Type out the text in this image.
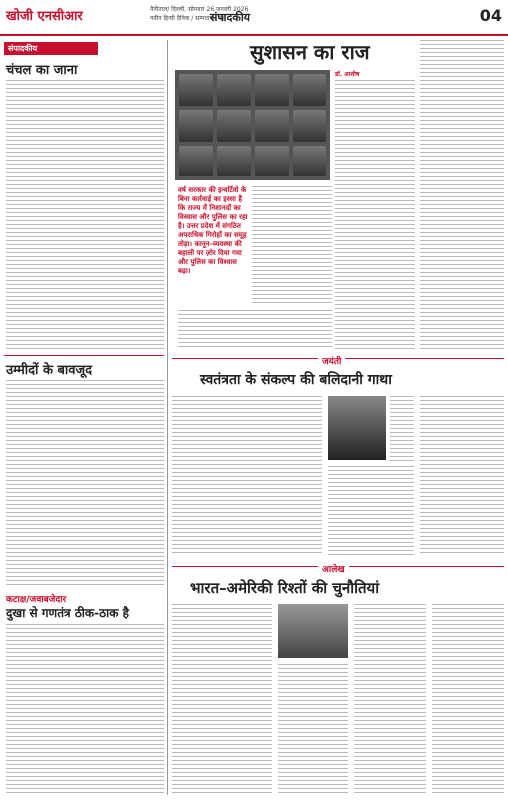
खोजी एनसीआर	नैनीताल/ दिल्ली, सोमवार 26 जनवरी 2026
नवीन हिन्दी दैनिक / सम्पादक: जेहे
संपादकीय	04
संपादकीय
चंचल का जाना
उम्मीदों के बावजूद
कटाक्ष/जवाबजेदार
दुखा से गणतंत्र ठीक-ठाक है
सुशासन का राज
वर्ष सरकार की इन्वर्टिवो के बिना कार्रवाई का इस्सा है कि राज्य में निशानदों का विस्वास और पुलिस का रहा है। उत्तर प्रदेश में संगठित अपराधिक गिरोहों का समूह तोड़ा। कानून–व्यवस्था की बहाली पर ज़ोर दिया गया और पुलिस का विश्वास बढ़ा।
डॉ. आशीष
जयंती
स्वतंत्रता के संकल्प की बलिदानी गाथा
आलेख
भारत–अमेरिकी रिश्तों की चुनौतियां
